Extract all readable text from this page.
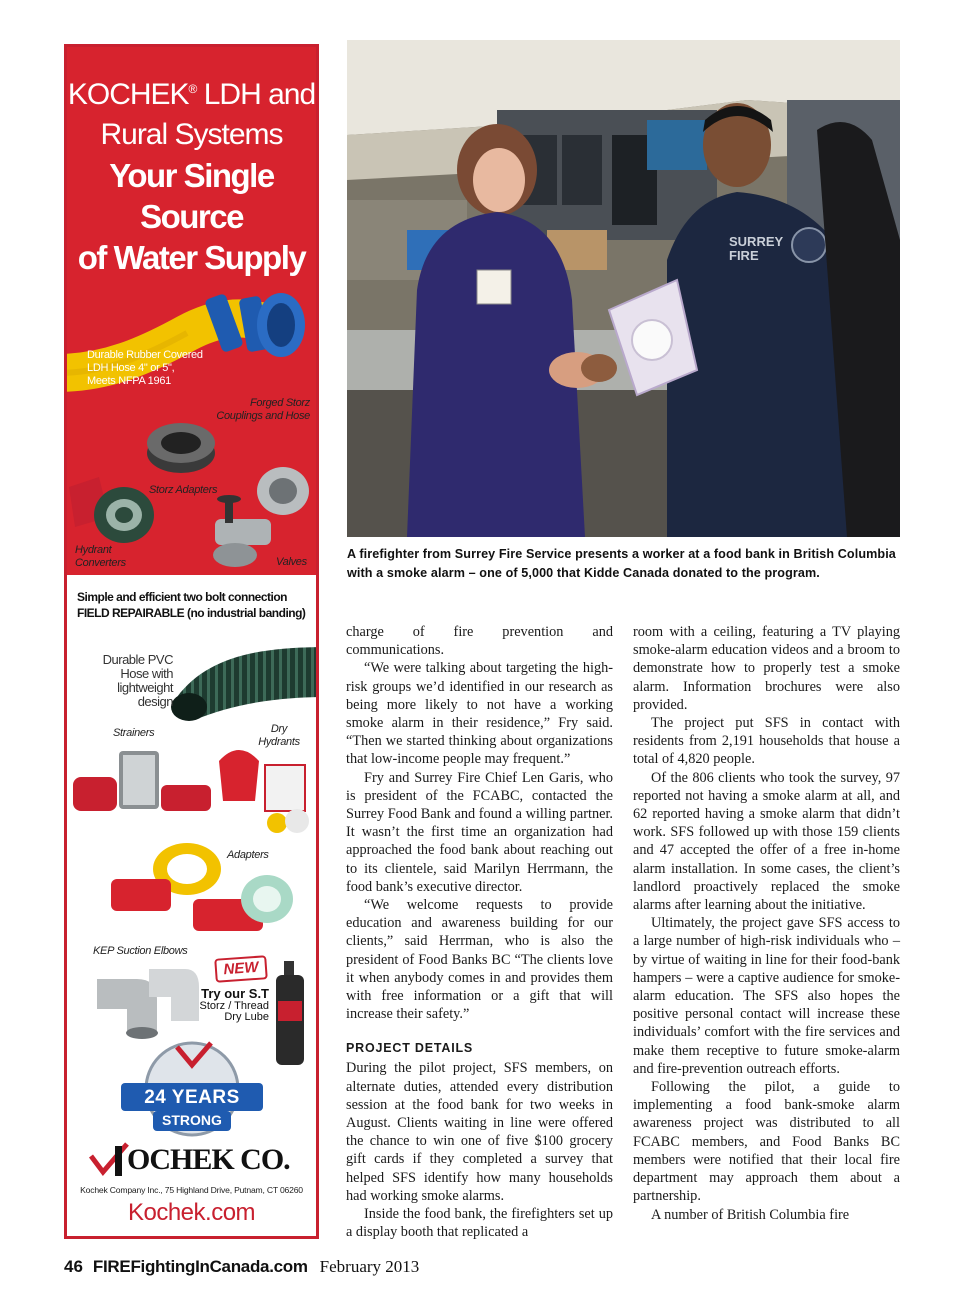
KOCHEK® LDH and
Rural Systems
Your Single
Source
of Water Supply
Durable Rubber Covered
LDH Hose 4" or 5",
Meets NFPA 1961
Forged Storz
Couplings and Hose
Storz Adapters
Hydrant
Converters	Valves
Simple and efficient two bolt connection
FIELD REPAIRABLE (no industrial banding)
Durable PVC
Hose with
lightweight
design
Strainers	Dry
Hydrants
Adapters
KEP Suction Elbows
NEW
Try our S.T
Storz / Thread
Dry Lube
24 YEARS
STRONG
OCHEK CO.
Kochek Company Inc., 75 Highland Drive, Putnam, CT 06260
Kochek.com
SURREY
FIRE
A firefighter from Surrey Fire Service presents a worker at a food bank in British Columbia with a smoke alarm – one of 5,000 that Kidde Canada donated to the program.

charge of fire prevention and communications.

“We were talking about targeting the high-risk groups we’d identified in our research as being more likely to not have a working smoke alarm in their residence,” Fry said. “Then we started thinking about organizations that low-income people may frequent.”

Fry and Surrey Fire Chief Len Garis, who is president of the FCABC, contacted the Surrey Food Bank and found a willing partner. It wasn’t the first time an organization had approached the food bank about reaching out to its clientele, said Marilyn Herrmann, the food bank’s executive director.

“We welcome requests to provide education and awareness building for our clients,” said Herrman, who is also the president of Food Banks BC “The clients love it when anybody comes in and provides them with free information or a gift that will increase their safety.”

PROJECT DETAILS

During the pilot project, SFS members, on alternate duties, attended every distribution session at the food bank for two weeks in August. Clients waiting in line were offered the chance to win one of five $100 grocery gift cards if they completed a survey that helped SFS identify how many households had working smoke alarms.

Inside the food bank, the firefighters set up a display booth that replicated a

room with a ceiling, featuring a TV playing smoke-alarm education videos and a broom to demonstrate how to properly test a smoke alarm. Information brochures were also provided.

The project put SFS in contact with residents from 2,191 households that house a total of 4,820 people.

Of the 806 clients who took the survey, 97 reported not having a smoke alarm at all, and 62 reported having a smoke alarm that didn’t work. SFS followed up with those 159 clients and 47 accepted the offer of a free in-home alarm installation. In some cases, the client’s landlord proactively replaced the smoke alarms after learning about the initiative.

Ultimately, the project gave SFS access to a large number of high-risk individuals who – by virtue of waiting in line for their food-bank hampers – were a captive audience for smoke-alarm education. The SFS also hopes the positive personal contact will increase these individuals’ comfort with the fire services and make them receptive to future smoke-alarm and fire-prevention outreach efforts.

Following the pilot, a guide to implementing a food bank-smoke alarm awareness project was distributed to all FCABC members, and Food Banks BC members were notified that their local fire department may approach them about a partnership.

A number of British Columbia fire

46 FIREFightingInCanada.com February 2013
